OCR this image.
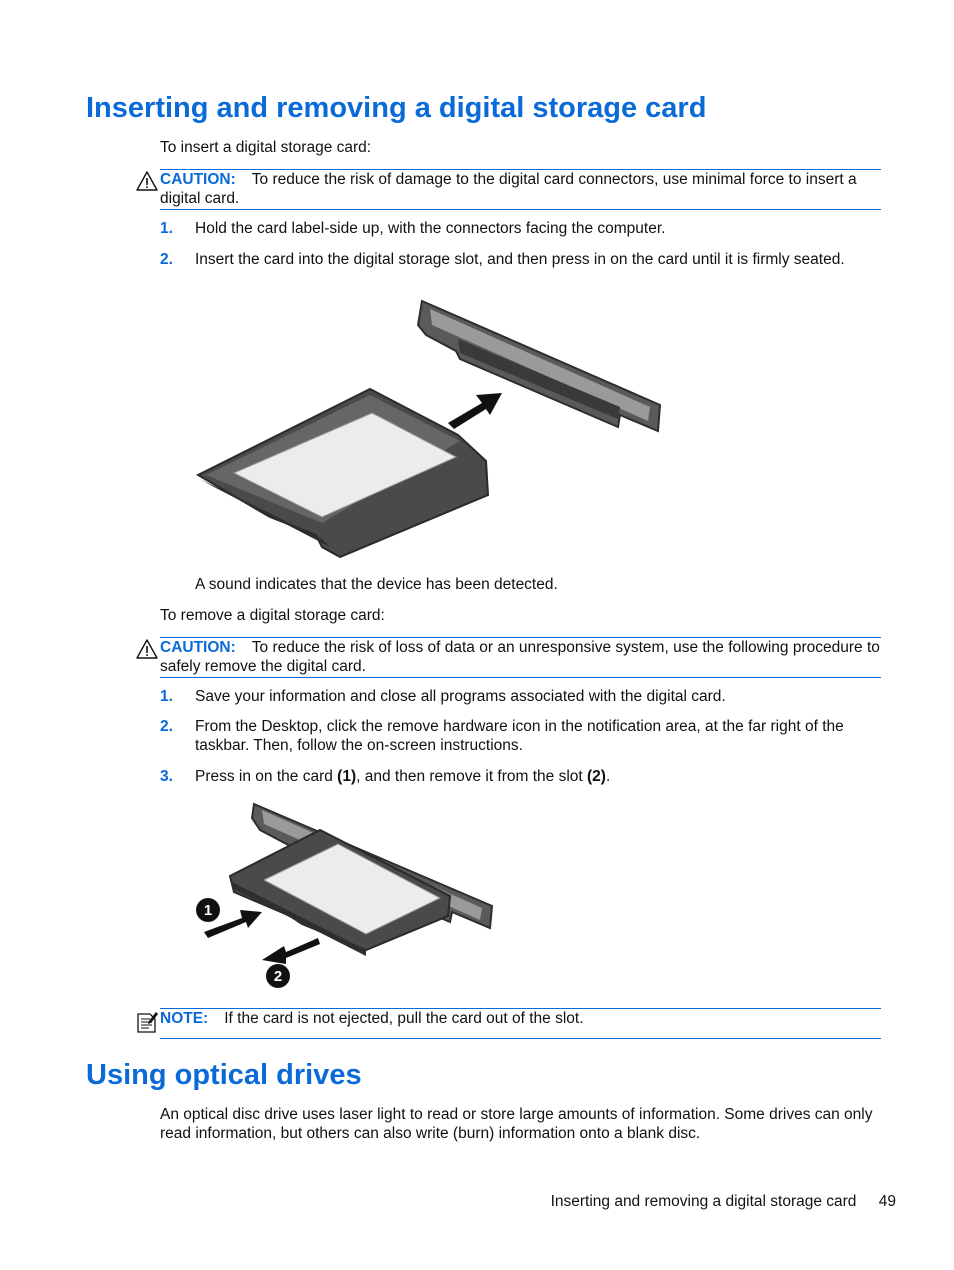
Inserting and removing a digital storage card

To insert a digital storage card:

CAUTION: To reduce the risk of damage to the digital card connectors, use minimal force to insert a digital card.
1. Hold the card label-side up, with the connectors facing the computer.
2. Insert the card into the digital storage slot, and then press in on the card until it is firmly seated.

A sound indicates that the device has been detected.

To remove a digital storage card:

CAUTION: To reduce the risk of loss of data or an unresponsive system, use the following procedure to safely remove the digital card.
1. Save your information and close all programs associated with the digital card.
2. From the Desktop, click the remove hardware icon in the notification area, at the far right of the taskbar. Then, follow the on-screen instructions.
3. Press in on the card (1), and then remove it from the slot (2).
1
2
NOTE: If the card is not ejected, pull the card out of the slot.
Using optical drives

An optical disc drive uses laser light to read or store large amounts of information. Some drives can only read information, but others can also write (burn) information onto a blank disc.

Inserting and removing a digital storage card 49
